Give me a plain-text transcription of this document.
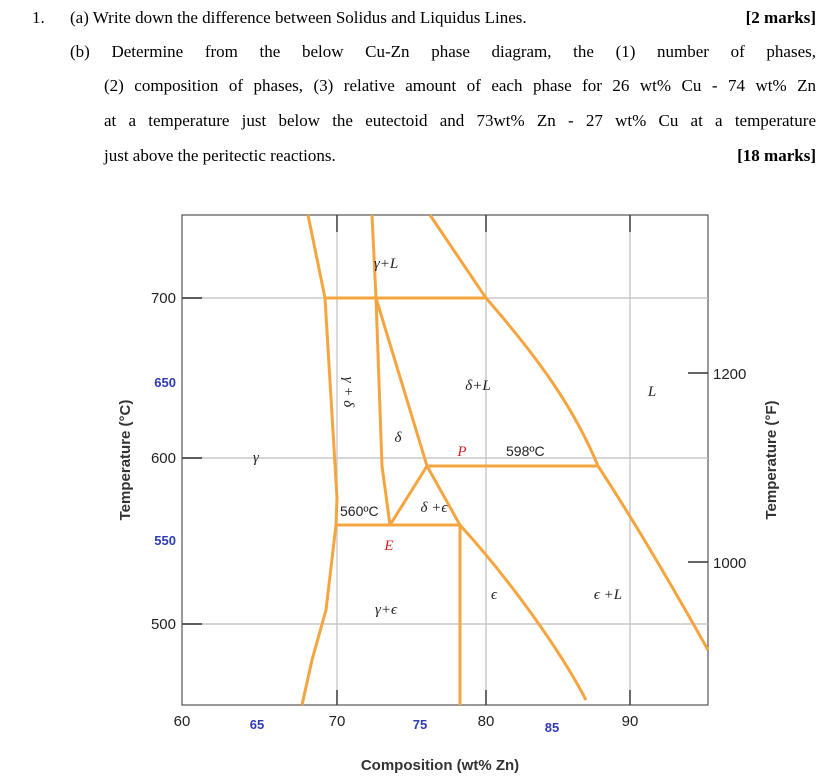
1. (a) Write down the difference between Solidus and Liquidus Lines.	[2 marks]
(b) Determine from the below Cu-Zn phase diagram, the (1) number of phases,
(2) composition of phases, (3) relative amount of each phase for 26 wt% Cu - 74 wt% Zn
at a temperature just below the eutectoid and 73wt% Zn - 27 wt% Cu at a temperature
just above the peritectic reactions.	[18 marks]
700
600
500
650
550
1200
1000
60	70	80	90
65	75	85
Composition (wt% Zn)
Temperature (°C)	Temperature (°F)
γ+L
γ
γ + δ
δ
δ+L	L
δ +ϵ
γ+ϵ
ϵ	ϵ +L
P
E
598ºC
560ºC
